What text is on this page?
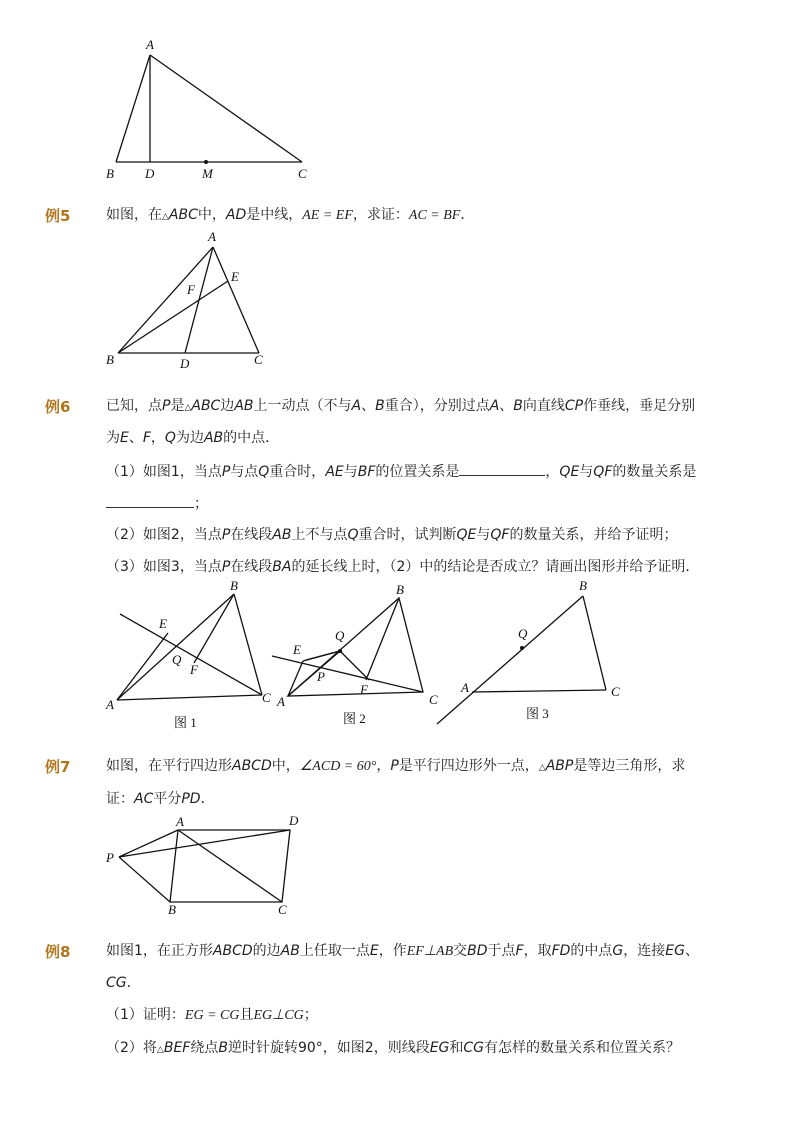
A
B D	M	C
例5	如图，在△ABC中，AD是中线，AE = EF，求证：AC = BF．
A
E
F
B	D	C
例6	已知，点P是△ABC边AB上一动点（不与A、B重合），分别过点A、B向直线CP作垂线，垂足分别
为E、F，Q为边AB的中点．
（1）如图1，当点P与点Q重合时，AE与BF的位置关系是	，QE与QF的数量关系是
；
（2）如图2，当点P在线段AB上不与点Q重合时，试判断QE与QF的数量关系，并给予证明；
（3）如图3，当点P在线段BA的延长线上时，（2）中的结论是否成立？请画出图形并给予证明．
B
E
Q
F
A	C
图 1
B
Q
E
P
F
A	C
图 2
B
Q
A	C
图 3
例7	如图，在平行四边形ABCD中，∠ACD = 60°，P是平行四边形外一点，△ABP是等边三角形，求
证：AC平分PD．
A	D
P
B	C
例8	如图1，在正方形ABCD的边AB上任取一点E，作EF⊥AB交BD于点F，取FD的中点G，连接EG、
CG．
（1）证明：EG = CG且EG⊥CG；
（2）将△BEF绕点B逆时针旋转90°，如图2，则线段EG和CG有怎样的数量关系和位置关系？
